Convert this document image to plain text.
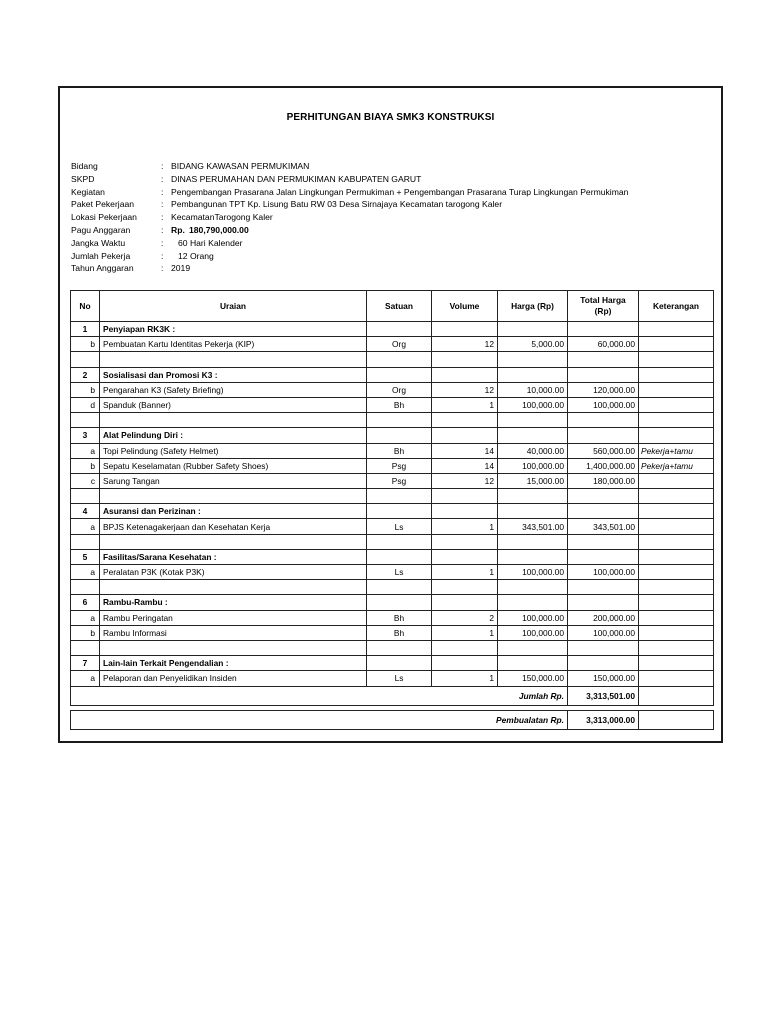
PERHITUNGAN BIAYA SMK3 KONSTRUKSI
Bidang	: BIDANG KAWASAN PERMUKIMAN
SKPD	: DINAS PERUMAHAN DAN PERMUKIMAN KABUPATEN GARUT
Kegiatan	: Pengembangan Prasarana Jalan Lingkungan Permukiman + Pengembangan Prasarana Turap Lingkungan Permukiman
Paket Pekerjaan	: Pembangunan TPT Kp. Lisung Batu RW 03 Desa Sirnajaya Kecamatan tarogong Kaler
Lokasi Pekerjaan	: KecamatanTarogong Kaler
Pagu Anggaran	: Rp. 180,790,000.00
Jangka Waktu	: 60 Hari Kalender
Jumlah Pekerja	: 12 Orang
Tahun Anggaran	: 2019
No	Uraian	Satuan	Volume	Harga (Rp)	Total Harga (Rp)	Keterangan
1	Penyiapan RK3K :					
b	Pembuatan Kartu Identitas Pekerja (KIP)	Org	12	5,000.00	60,000.00	

2	Sosialisasi dan Promosi K3 :					
b	Pengarahan K3 (Safety Briefing)	Org	12	10,000.00	120,000.00	
d	Spanduk (Banner)	Bh	1	100,000.00	100,000.00	

3	Alat Pelindung Diri :					
a	Topi Pelindung (Safety Helmet)	Bh	14	40,000.00	560,000.00	Pekerja+tamu
b	Sepatu Keselamatan (Rubber Safety Shoes)	Psg	14	100,000.00	1,400,000.00	Pekerja+tamu
c	Sarung Tangan	Psg	12	15,000.00	180,000.00	

4	Asuransi dan Perizinan :					
a	BPJS Ketenagakerjaan dan Kesehatan Kerja	Ls	1	343,501.00	343,501.00	

5	Fasilitas/Sarana Kesehatan :					
a	Peralatan P3K (Kotak P3K)	Ls	1	100,000.00	100,000.00	

6	Rambu-Rambu :					
a	Rambu Peringatan	Bh	2	100,000.00	200,000.00	
b	Rambu Informasi	Bh	1	100,000.00	100,000.00	

7	Lain-lain Terkait Pengendalian :					
a	Pelaporan dan Penyelidikan Insiden	Ls	1	150,000.00	150,000.00	
Jumlah Rp.					3,313,501.00	

Pembualatan Rp.					3,313,000.00	
